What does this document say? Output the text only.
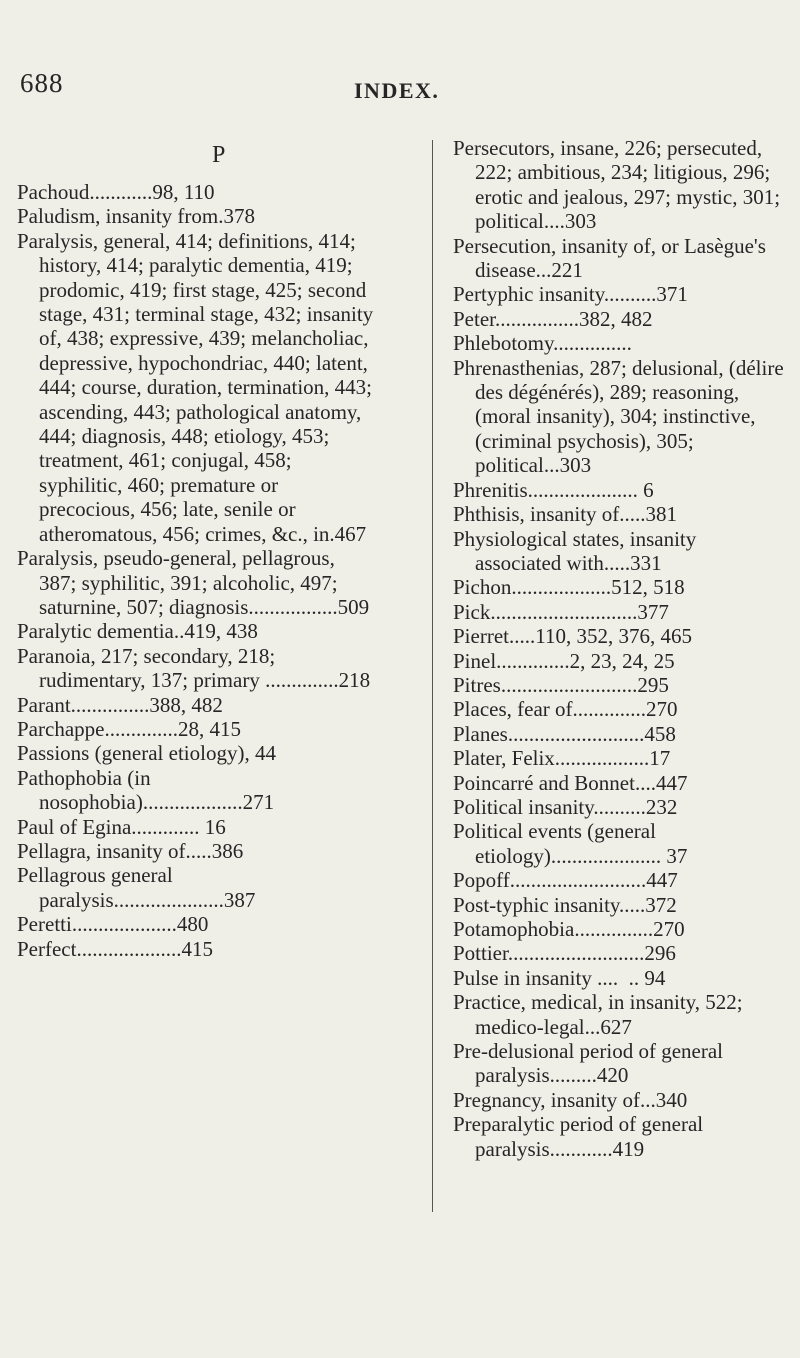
688	INDEX.
P
Pachoud............98, 110
Paludism, insanity from.378
Paralysis, general, 414; definitions, 414; history, 414; paralytic dementia, 419; prodomic, 419; first stage, 425; second stage, 431; terminal stage, 432; insanity of, 438; expressive, 439; melancholiac, depressive, hypochondriac, 440; latent, 444; course, duration, termination, 443; ascending, 443; pathological anatomy, 444; diagnosis, 448; etiology, 453; treatment, 461; conjugal, 458; syphilitic, 460; premature or precocious, 456; late, senile or atheromatous, 456; crimes, &c., in.467
Paralysis, pseudo-general, pellagrous, 387; syphilitic, 391; alcoholic, 497; saturnine, 507; diagnosis.................509
Paralytic dementia..419, 438
Paranoia, 217; secondary, 218; rudimentary, 137; primary ..............218
Parant...............388, 482
Parchappe..............28, 415
Passions (general etiology), 44
Pathophobia (in nosophobia)...................271
Paul of Egina............. 16
Pellagra, insanity of.....386
Pellagrous general paralysis.....................387
Peretti....................480
Perfect....................415
Persecutors, insane, 226; persecuted, 222; ambitious, 234; litigious, 296; erotic and jealous, 297; mystic, 301; political....303
Persecution, insanity of, or Lasègue's disease...221
Pertyphic insanity..........371
Peter................382, 482
Phlebotomy...............
Phrenasthenias, 287; delusional, (délire des dégénérés), 289; reasoning, (moral insanity), 304; instinctive, (criminal psychosis), 305; political...303
Phrenitis..................... 6
Phthisis, insanity of.....381
Physiological states, insanity associated with.....331
Pichon...................512, 518
Pick............................377
Pierret.....110, 352, 376, 465
Pinel..............2, 23, 24, 25
Pitres..........................295
Places, fear of..............270
Planes..........................458
Plater, Felix..................17
Poincarré and Bonnet....447
Political insanity..........232
Political events (general etiology)..................... 37
Popoff..........................447
Post-typhic insanity.....372
Potamophobia...............270
Pottier..........................296
Pulse in insanity ....  .. 94
Practice, medical, in insanity, 522; medico-legal...627
Pre-delusional period of general paralysis.........420
Pregnancy, insanity of...340
Preparalytic period of general paralysis............419
